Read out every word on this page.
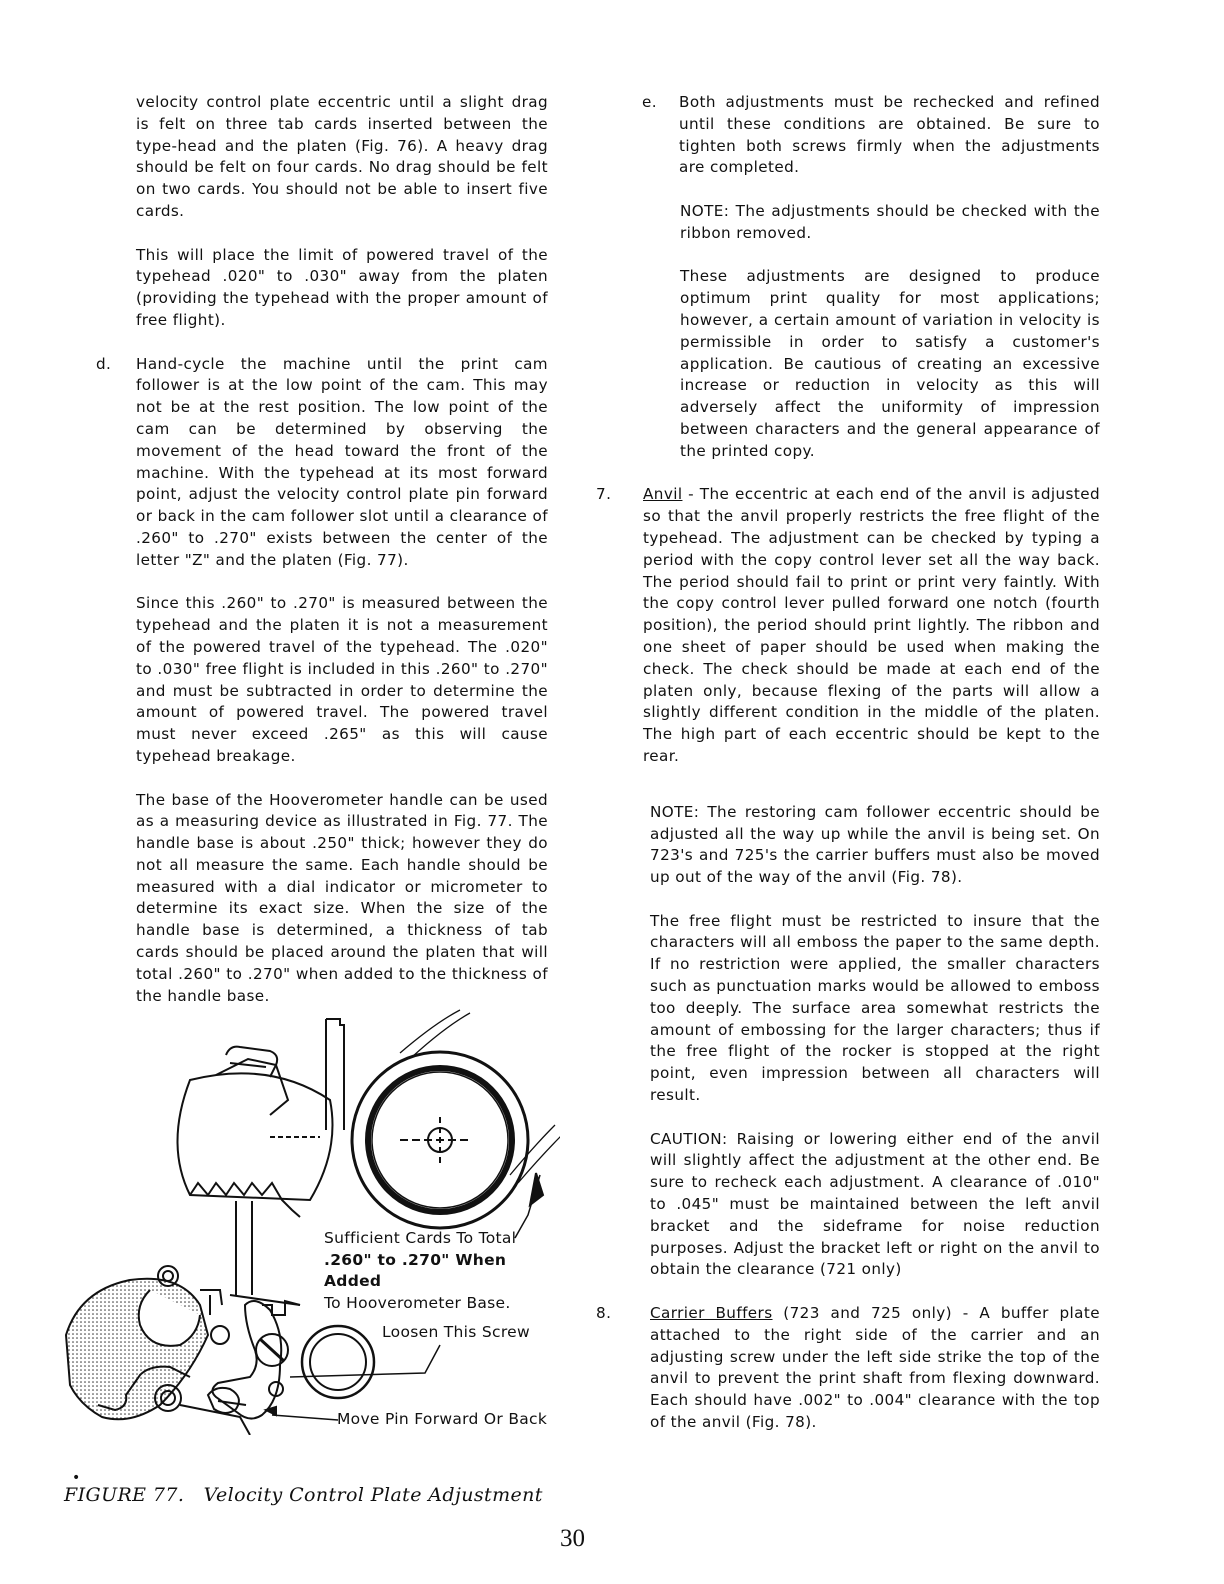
velocity control plate eccentric until a slight drag is felt on three tab cards inserted between the type-head and the platen (Fig. 76). A heavy drag should be felt on four cards. No drag should be felt on two cards. You should not be able to insert five cards.

This will place the limit of powered travel of the typehead .020" to .030" away from the platen (providing the typehead with the proper amount of free flight).

d. Hand-cycle the machine until the print cam follower is at the low point of the cam. This may not be at the rest position. The low point of the cam can be determined by observing the movement of the head toward the front of the machine. With the typehead at its most forward point, adjust the velocity control plate pin forward or back in the cam follower slot until a clearance of .260" to .270" exists between the center of the letter "Z" and the platen (Fig. 77).

Since this .260" to .270" is measured between the typehead and the platen it is not a measurement of the powered travel of the typehead. The .020" to .030" free flight is included in this .260" to .270" and must be subtracted in order to determine the amount of powered travel. The powered travel must never exceed .265" as this will cause typehead breakage.

The base of the Hooverometer handle can be used as a measuring device as illustrated in Fig. 77. The handle base is about .250" thick; however they do not all measure the same. Each handle should be measured with a dial indicator or micrometer to determine its exact size. When the size of the handle base is determined, a thickness of tab cards should be placed around the platen that will total .260" to .270" when added to the thickness of the handle base.

e. Both adjustments must be rechecked and refined until these conditions are obtained. Be sure to tighten both screws firmly when the adjustments are completed.

NOTE: The adjustments should be checked with the ribbon removed.

These adjustments are designed to produce optimum print quality for most applications; however, a certain amount of variation in velocity is permissible in order to satisfy a customer's application. Be cautious of creating an excessive increase or reduction in velocity as this will adversely affect the uniformity of impression between characters and the general appearance of the printed copy.

7. Anvil - The eccentric at each end of the anvil is adjusted so that the anvil properly restricts the free flight of the typehead. The adjustment can be checked by typing a period with the copy control lever set all the way back. The period should fail to print or print very faintly. With the copy control lever pulled forward one notch (fourth position), the period should print lightly. The ribbon and one sheet of paper should be used when making the check. The check should be made at each end of the platen only, because flexing of the parts will allow a slightly different condition in the middle of the platen. The high part of each eccentric should be kept to the rear.

NOTE: The restoring cam follower eccentric should be adjusted all the way up while the anvil is being set. On 723's and 725's the carrier buffers must also be moved up out of the way of the anvil (Fig. 78).

The free flight must be restricted to insure that the characters will all emboss the paper to the same depth. If no restriction were applied, the smaller characters such as punctuation marks would be allowed to emboss too deeply. The surface area somewhat restricts the amount of embossing for the larger characters; thus if the free flight of the rocker is stopped at the right point, even impression between all characters will result.

CAUTION: Raising or lowering either end of the anvil will slightly affect the adjustment at the other end. Be sure to recheck each adjustment. A clearance of .010" to .045" must be maintained between the left anvil bracket and the sideframe for noise reduction purposes. Adjust the bracket left or right on the anvil to obtain the clearance (721 only)

8.	Carrier Buffers (723 and 725 only) - A buffer plate attached to the right side of the carrier and an adjusting screw under the left side strike the top of the anvil to prevent the print shaft from flexing downward. Each should have .002" to .004" clearance with the top of the anvil (Fig. 78).

Sufficient Cards To Total
.260" to .270" When Added
To Hooverometer Base.
Loosen This Screw
Move Pin Forward Or Back
•
FIGURE 77.   Velocity Control Plate Adjustment
30
